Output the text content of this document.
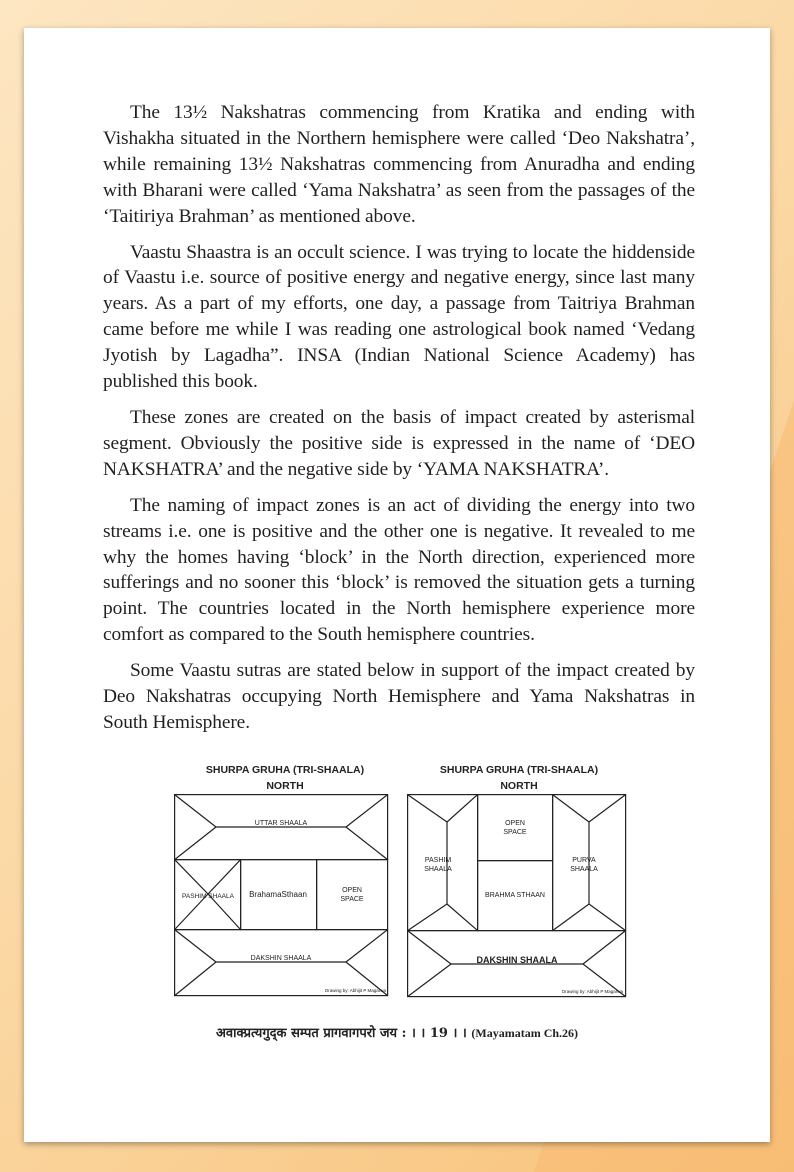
The 13½ Nakshatras commencing from Kratika and ending with Vishakha situated in the Northern hemisphere were called ‘Deo Nakshatra’, while remaining 13½ Nakshatras commencing from Anuradha and ending with Bharani were called ‘Yama Nakshatra’ as seen from the passages of the ‘Taitiriya Brahman’ as mentioned above.

Vaastu Shaastra is an occult science. I was trying to locate the hiddenside of Vaastu i.e. source of positive energy and negative energy, since last many years. As a part of my efforts, one day, a passage from Taitriya Brahman came before me while I was reading one astrological book named ‘Vedang Jyotish by Lagadha”. INSA (Indian National Science Academy) has published this book.

These zones are created on the basis of impact created by asterismal segment. Obviously the positive side is expressed in the name of ‘DEO NAKSHATRA’ and the negative side by ‘YAMA NAKSHATRA’.

The naming of impact zones is an act of dividing the energy into two streams i.e. one is positive and the other one is negative. It revealed to me why the homes having ‘block’ in the North direction, experienced more sufferings and no sooner this ‘block’ is removed the situation gets a turning point. The countries located in the North hemisphere experience more comfort as compared to the South hemisphere countries.

Some Vaastu sutras are stated below in support of the impact created by Deo Nakshatras occupying North Hemisphere and Yama Nakshatras in South Hemisphere.

SHURPA GRUHA (TRI-SHAALA)
NORTH
UTTAR SHAALA
PASHIM SHAALA BrahamaSthaan	OPEN
SPACE
DAKSHIN SHAALA
Drawing by: Abhijit P Magarwa
SHURPA GRUHA (TRI-SHAALA)
NORTH
OPEN
SPACE
PASHIM
SHAALA
PURVA
SHAALA
BRAHMA STHAAN
DAKSHIN SHAALA
Drawing by: Abhijit P Magarwa
अवाक्प्रत्यगुद्क सम्पत प्रागवागपरो जय : । । 19 । । (Mayamatam Ch.26)
